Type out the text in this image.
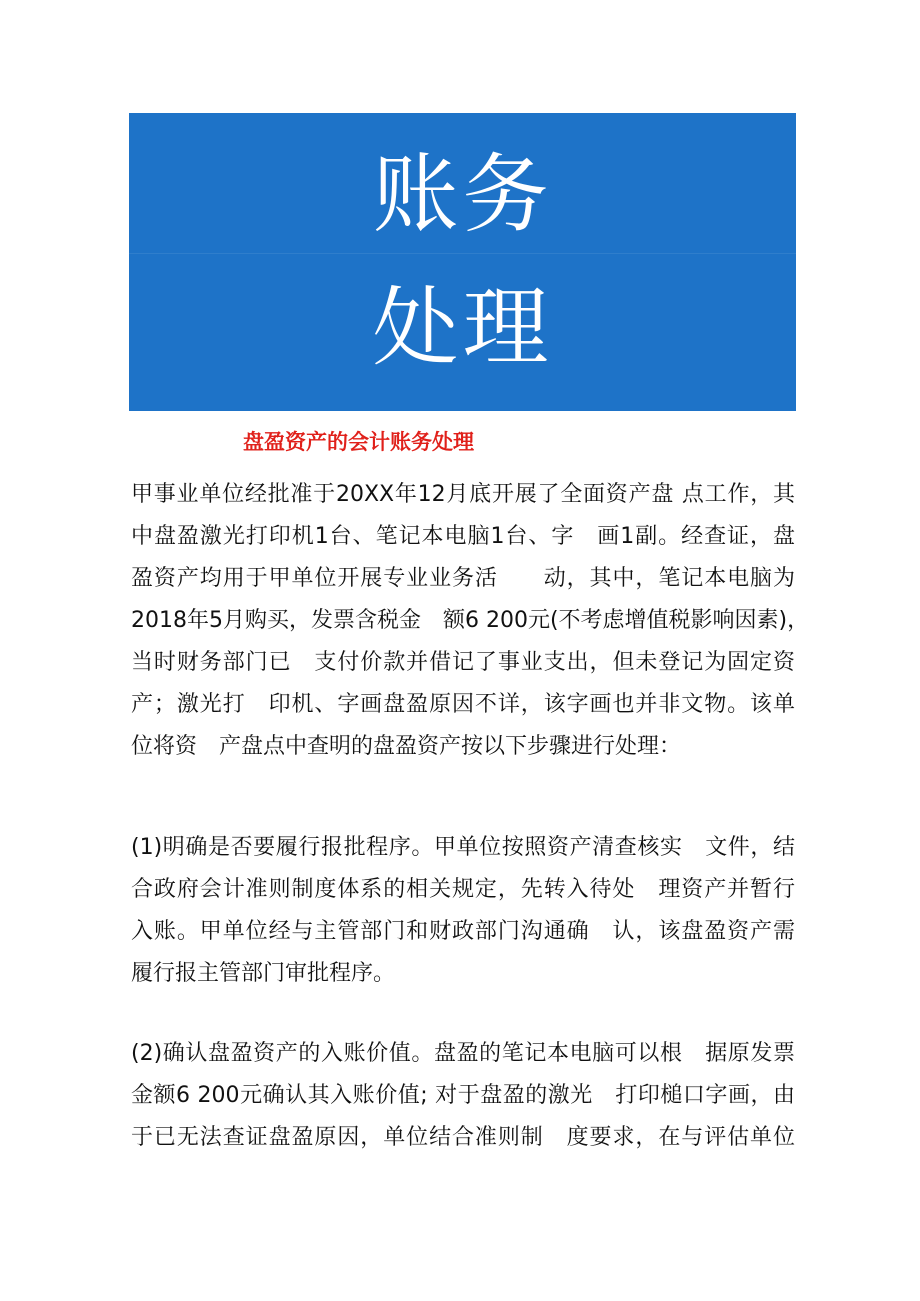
账务
处理
盘盈资产的会计账务处理
甲事业单位经批准于20XX年12月底开展了全面资产盘 点工作，其
中盘盈激光打印机1台、笔记本电脑1台、字　画1副。经查证，盘
盈资产均用于甲单位开展专业业务活　　动，其中，笔记本电脑为
2018年5月购买，发票含税金　额6 200元(不考虑增值税影响因素)，
当时财务部门已　支付价款并借记了事业支出，但未登记为固定资
产；激光打　印机、字画盘盈原因不详，该字画也并非文物。该单
位将资　产盘点中查明的盘盈资产按以下步骤进行处理：
(1)明确是否要履行报批程序。甲单位按照资产清查核实　文件，结
合政府会计准则制度体系的相关规定，先转入待处　理资产并暂行
入账。甲单位经与主管部门和财政部门沟通确　认，该盘盈资产需
履行报主管部门审批程序。
(2)确认盘盈资产的入账价值。盘盈的笔记本电脑可以根　据原发票
金额6 200元确认其入账价值; 对于盘盈的激光　打印槌口字画，由
于已无法查证盘盈原因，单位结合准则制　度要求，在与评估单位
